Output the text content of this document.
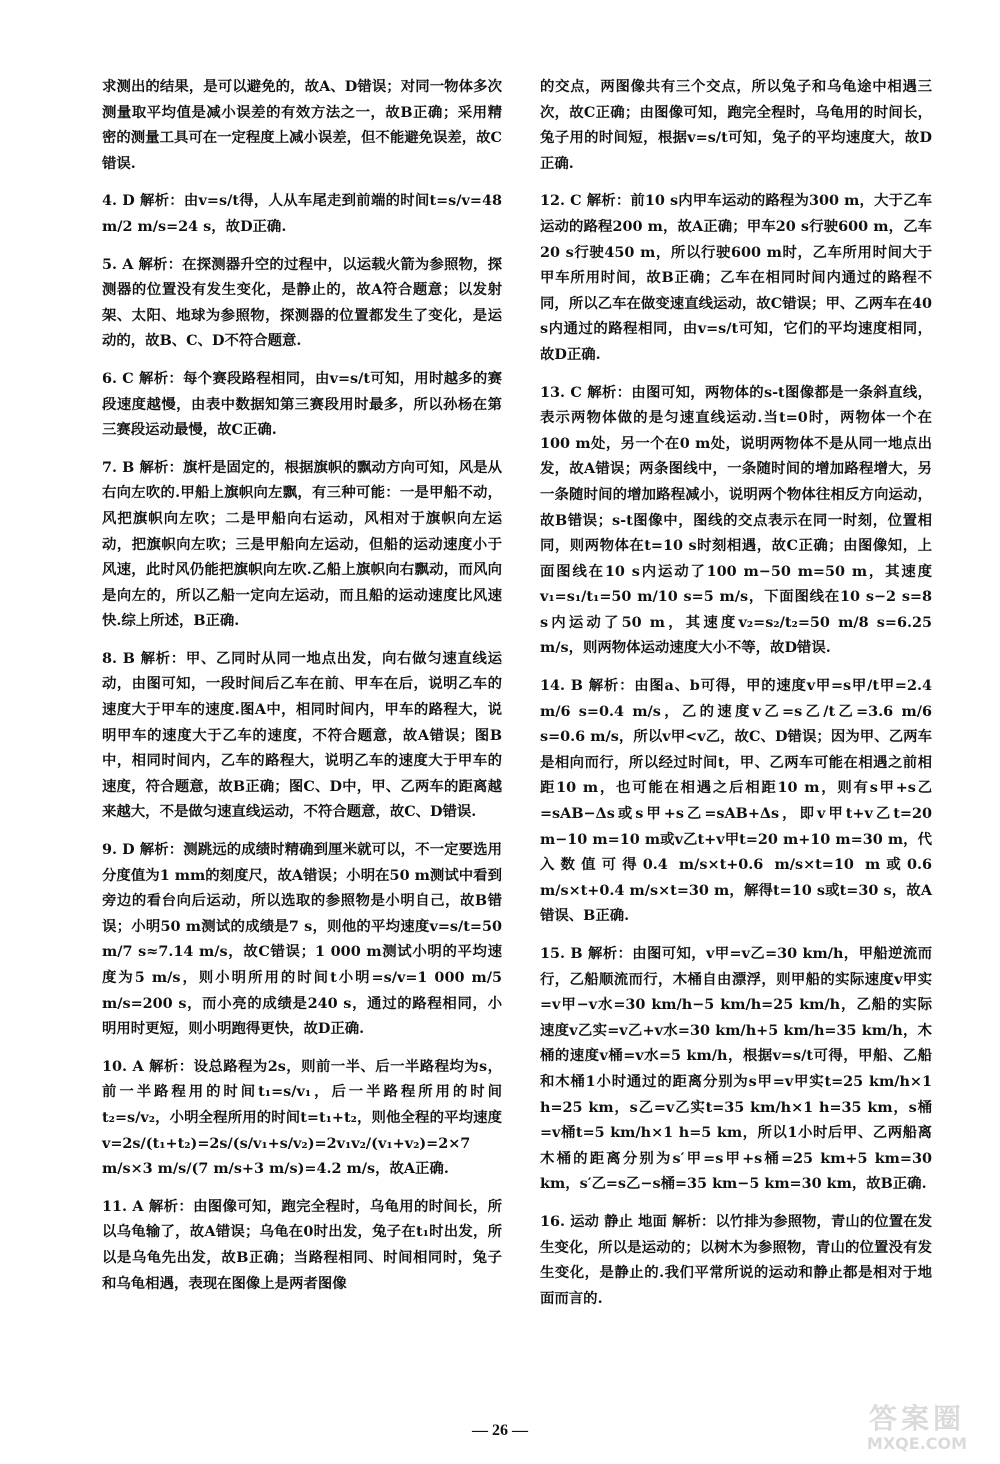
求测出的结果，是可以避免的，故A、D错误；对同一物体多次测量取平均值是减小误差的有效方法之一，故B正确；采用精密的测量工具可在一定程度上减小误差，但不能避免误差，故C错误.

4. D 解析：由v=s/t得，人从车尾走到前端的时间t=s/v=48 m/2 m/s=24 s，故D正确.

5. A 解析：在探测器升空的过程中，以运载火箭为参照物，探测器的位置没有发生变化，是静止的，故A符合题意；以发射架、太阳、地球为参照物，探测器的位置都发生了变化，是运动的，故B、C、D不符合题意.

6. C 解析：每个赛段路程相同，由v=s/t可知，用时越多的赛段速度越慢，由表中数据知第三赛段用时最多，所以孙杨在第三赛段运动最慢，故C正确.

7. B 解析：旗杆是固定的，根据旗帜的飘动方向可知，风是从右向左吹的.甲船上旗帜向左飘，有三种可能：一是甲船不动，风把旗帜向左吹；二是甲船向右运动，风相对于旗帜向左运动，把旗帜向左吹；三是甲船向左运动，但船的运动速度小于风速，此时风仍能把旗帜向左吹.乙船上旗帜向右飘动，而风向是向左的，所以乙船一定向左运动，而且船的运动速度比风速快.综上所述，B正确.

8. B 解析：甲、乙同时从同一地点出发，向右做匀速直线运动，由图可知，一段时间后乙车在前、甲车在后，说明乙车的速度大于甲车的速度.图A中，相同时间内，甲车的路程大，说明甲车的速度大于乙车的速度，不符合题意，故A错误；图B中，相同时间内，乙车的路程大，说明乙车的速度大于甲车的速度，符合题意，故B正确；图C、D中，甲、乙两车的距离越来越大，不是做匀速直线运动，不符合题意，故C、D错误.

9. D 解析：测跳远的成绩时精确到厘米就可以，不一定要选用分度值为1 mm的刻度尺，故A错误；小明在50 m测试中看到旁边的看台向后运动，所以选取的参照物是小明自己，故B错误；小明50 m测试的成绩是7 s，则他的平均速度v=s/t=50 m/7 s≈7.14 m/s，故C错误；1 000 m测试小明的平均速度为5 m/s，则小明所用的时间t小明=s/v=1 000 m/5 m/s=200 s，而小亮的成绩是240 s，通过的路程相同，小明用时更短，则小明跑得更快，故D正确.

10. A 解析：设总路程为2s，则前一半、后一半路程均为s，前一半路程用的时间t₁=s/v₁，后一半路程所用的时间t₂=s/v₂，小明全程所用的时间t=t₁+t₂，则他全程的平均速度v=2s/(t₁+t₂)=2s/(s/v₁+s/v₂)=2v₁v₂/(v₁+v₂)=2×7 m/s×3 m/s/(7 m/s+3 m/s)=4.2 m/s，故A正确.

11. A 解析：由图像可知，跑完全程时，乌龟用的时间长，所以乌龟输了，故A错误；乌龟在0时出发，兔子在t₁时出发，所以是乌龟先出发，故B正确；当路程相同、时间相同时，兔子和乌龟相遇，表现在图像上是两者图像

的交点，两图像共有三个交点，所以兔子和乌龟途中相遇三次，故C正确；由图像可知，跑完全程时，乌龟用的时间长，兔子用的时间短，根据v=s/t可知，兔子的平均速度大，故D正确.

12. C 解析：前10 s内甲车运动的路程为300 m，大于乙车运动的路程200 m，故A正确；甲车20 s行驶600 m，乙车20 s行驶450 m，所以行驶600 m时，乙车所用时间大于甲车所用时间，故B正确；乙车在相同时间内通过的路程不同，所以乙车在做变速直线运动，故C错误；甲、乙两车在40 s内通过的路程相同，由v=s/t可知，它们的平均速度相同，故D正确.

13. C 解析：由图可知，两物体的s-t图像都是一条斜直线，表示两物体做的是匀速直线运动.当t=0时，两物体一个在100 m处，另一个在0 m处，说明两物体不是从同一地点出发，故A错误；两条图线中，一条随时间的增加路程增大，另一条随时间的增加路程减小，说明两个物体往相反方向运动，故B错误；s-t图像中，图线的交点表示在同一时刻，位置相同，则两物体在t=10 s时刻相遇，故C正确；由图像知，上面图线在10 s内运动了100 m−50 m=50 m，其速度v₁=s₁/t₁=50 m/10 s=5 m/s，下面图线在10 s−2 s=8 s内运动了50 m，其速度v₂=s₂/t₂=50 m/8 s=6.25 m/s，则两物体运动速度大小不等，故D错误.

14. B 解析：由图a、b可得，甲的速度v甲=s甲/t甲=2.4 m/6 s=0.4 m/s，乙的速度v乙=s乙/t乙=3.6 m/6 s=0.6 m/s，所以v甲<v乙，故C、D错误；因为甲、乙两车是相向而行，所以经过时间t，甲、乙两车可能在相遇之前相距10 m，也可能在相遇之后相距10 m，则有s甲+s乙=sAB−Δs或s甲+s乙=sAB+Δs，即v甲t+v乙t=20 m−10 m=10 m或v乙t+v甲t=20 m+10 m=30 m，代入数值可得0.4 m/s×t+0.6 m/s×t=10 m或0.6 m/s×t+0.4 m/s×t=30 m，解得t=10 s或t=30 s，故A错误、B正确.

15. B 解析：由图可知，v甲=v乙=30 km/h，甲船逆流而行，乙船顺流而行，木桶自由漂浮，则甲船的实际速度v甲实=v甲−v水=30 km/h−5 km/h=25 km/h，乙船的实际速度v乙实=v乙+v水=30 km/h+5 km/h=35 km/h，木桶的速度v桶=v水=5 km/h，根据v=s/t可得，甲船、乙船和木桶1小时通过的距离分别为s甲=v甲实t=25 km/h×1 h=25 km，s乙=v乙实t=35 km/h×1 h=35 km，s桶=v桶t=5 km/h×1 h=5 km，所以1小时后甲、乙两船离木桶的距离分别为s′甲=s甲+s桶=25 km+5 km=30 km，s′乙=s乙−s桶=35 km−5 km=30 km，故B正确.

16. 运动 静止 地面 解析：以竹排为参照物，青山的位置在发生变化，所以是运动的；以树木为参照物，青山的位置没有发生变化，是静止的.我们平常所说的运动和静止都是相对于地面而言的.

— 26 —	答案圈
MXQE.COM
